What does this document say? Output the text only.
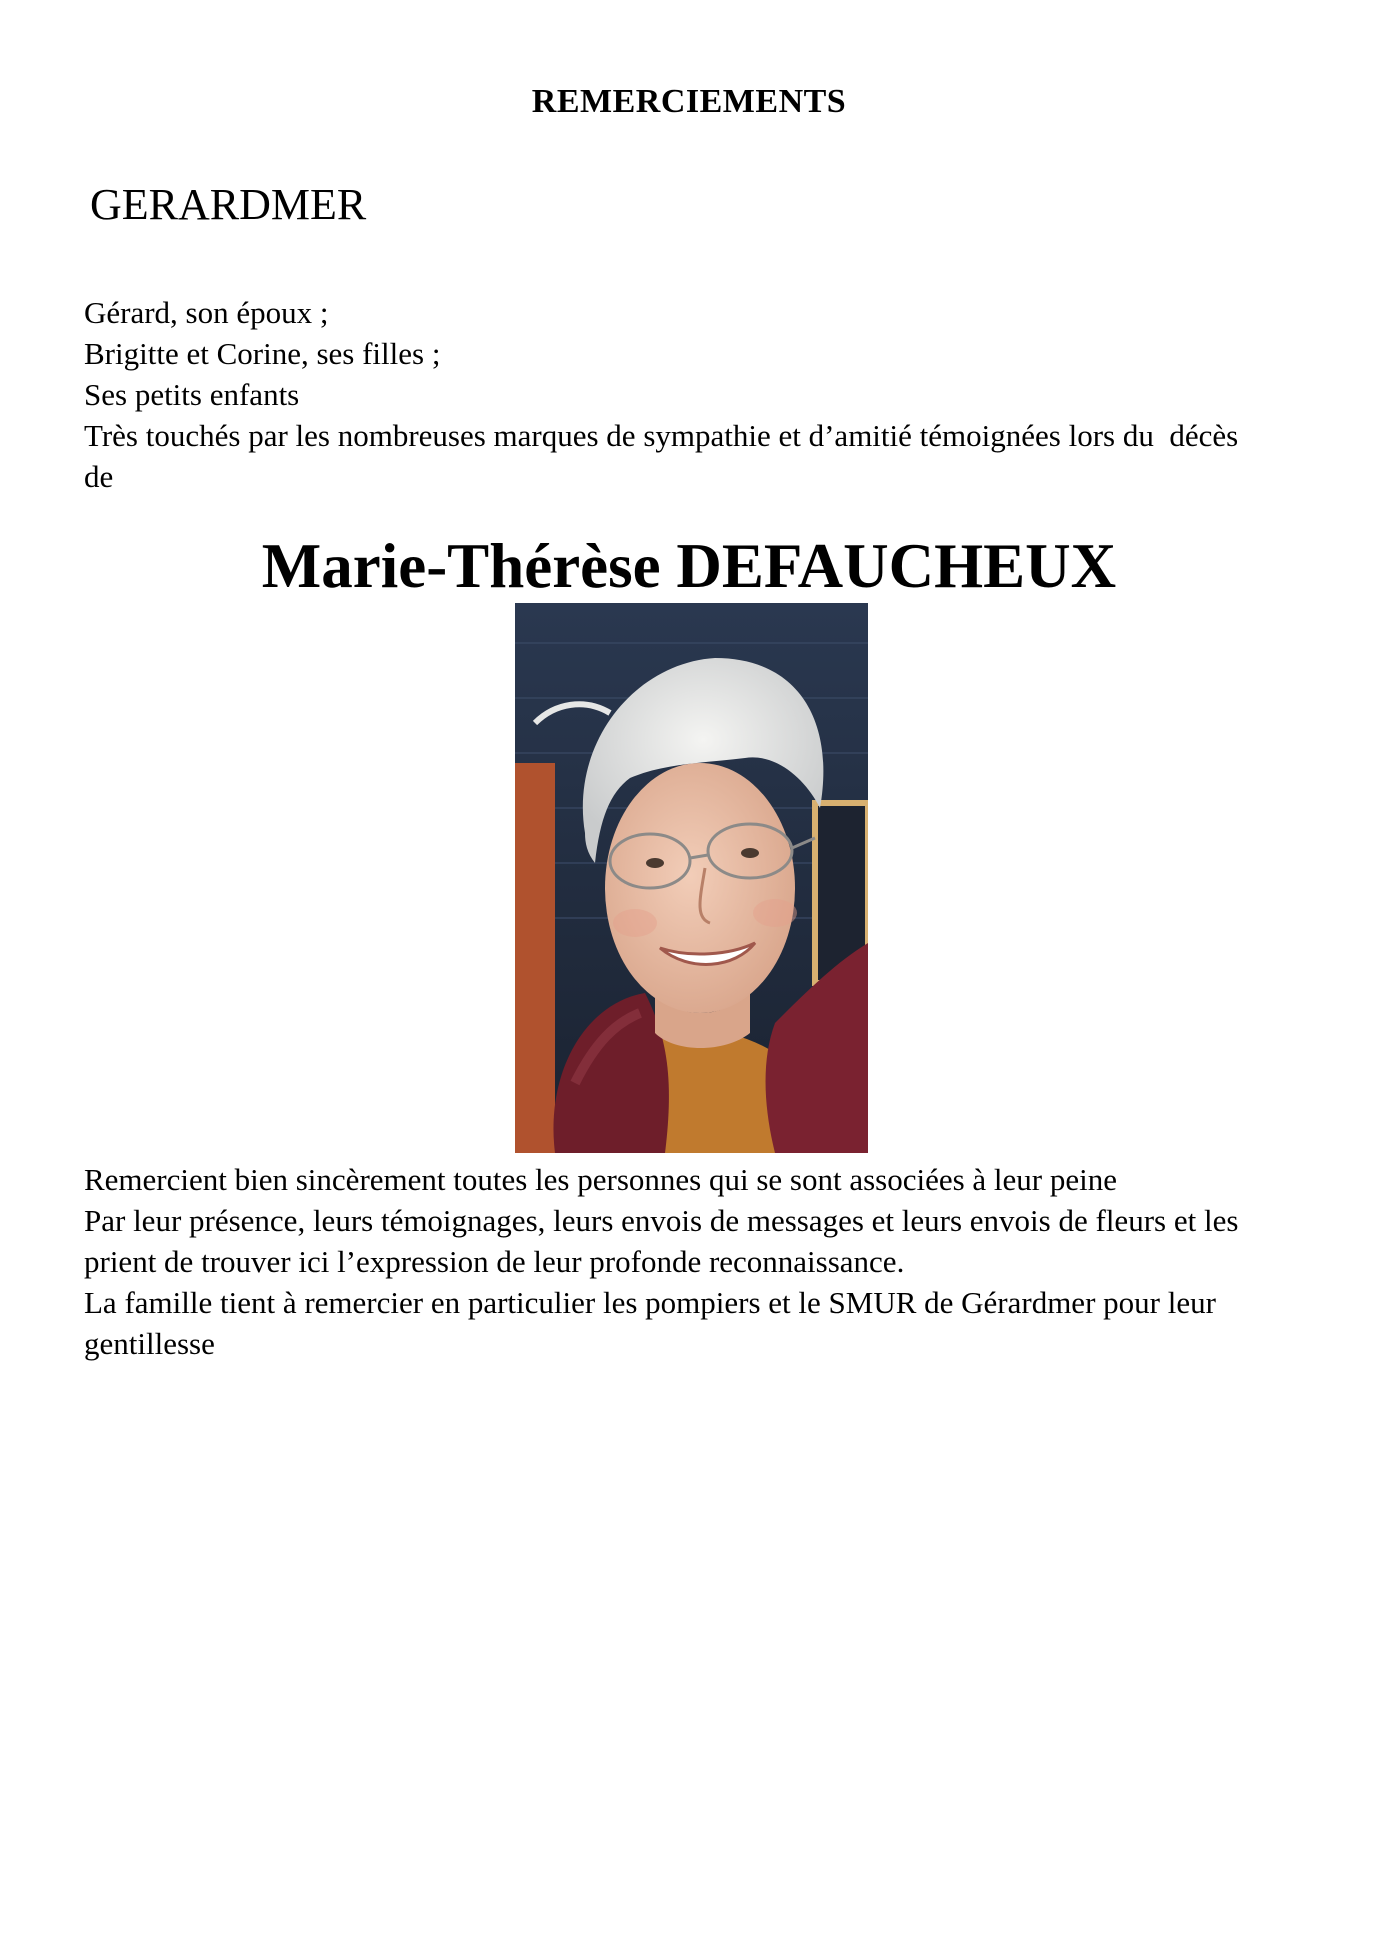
REMERCIEMENTS
GERARDMER
Gérard, son époux ;
Brigitte et Corine, ses filles ;
Ses petits enfants
Très touchés par les nombreuses marques de sympathie et d’amitié témoignées lors du  décès
de
Marie-Thérèse DEFAUCHEUX
Remercient bien sincèrement toutes les personnes qui se sont associées à leur peine
Par leur présence, leurs témoignages, leurs envois de messages et leurs envois de fleurs et les
prient de trouver ici l’expression de leur profonde reconnaissance.
La famille tient à remercier en particulier les pompiers et le SMUR de Gérardmer pour leur
gentillesse
